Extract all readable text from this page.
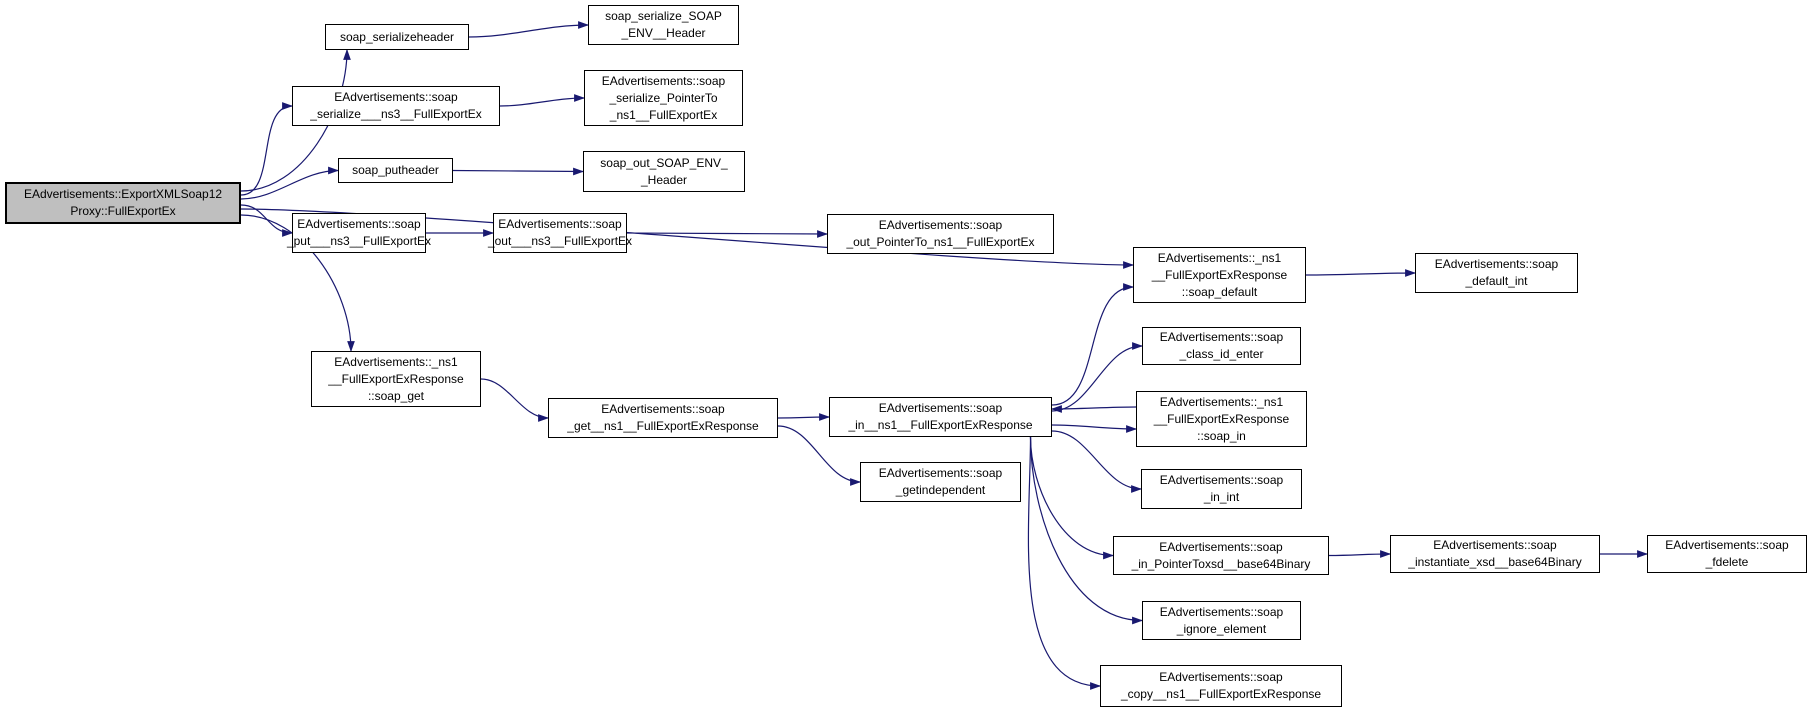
EAdvertisements::ExportXMLSoap12
Proxy::FullExportEx
soap_serializeheader
soap_serialize_SOAP
_ENV__Header
EAdvertisements::soap
_serialize___ns3__FullExportEx
EAdvertisements::soap
_serialize_PointerTo
_ns1__FullExportEx
soap_putheader
soap_out_SOAP_ENV_
_Header
EAdvertisements::soap
_put___ns3__FullExportEx
EAdvertisements::soap
_out___ns3__FullExportEx
EAdvertisements::soap
_out_PointerTo_ns1__FullExportEx
EAdvertisements::_ns1
__FullExportExResponse
::soap_default
EAdvertisements::soap
_default_int
EAdvertisements::_ns1
__FullExportExResponse
::soap_get
EAdvertisements::soap
_get__ns1__FullExportExResponse
EAdvertisements::soap
_in__ns1__FullExportExResponse
EAdvertisements::soap
_getindependent
EAdvertisements::soap
_class_id_enter
EAdvertisements::_ns1
__FullExportExResponse
::soap_in
EAdvertisements::soap
_in_int
EAdvertisements::soap
_in_PointerToxsd__base64Binary
EAdvertisements::soap
_ignore_element
EAdvertisements::soap
_copy__ns1__FullExportExResponse
EAdvertisements::soap
_instantiate_xsd__base64Binary
EAdvertisements::soap
_fdelete
